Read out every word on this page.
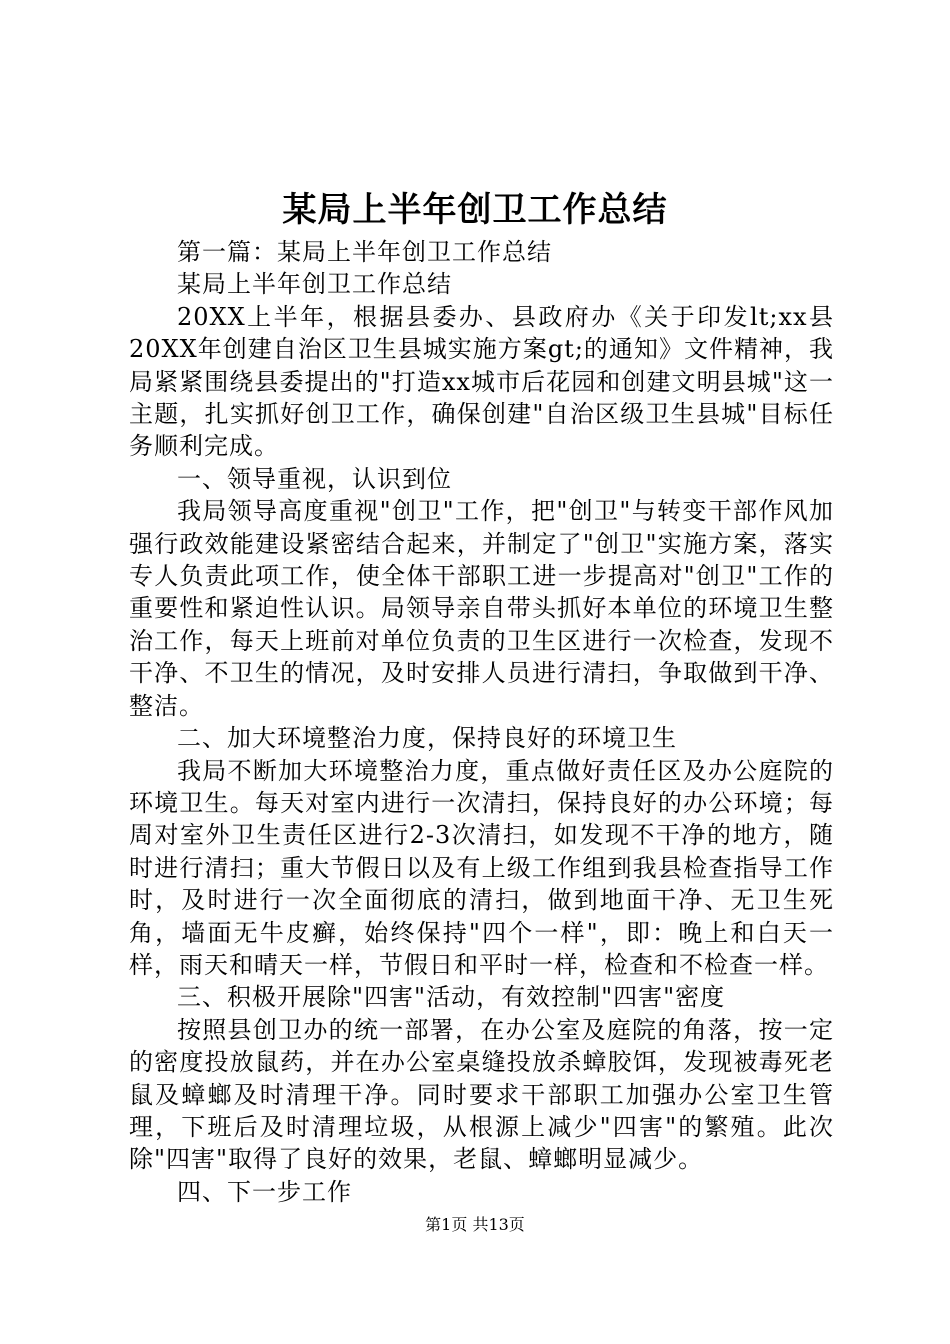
某局上半年创卫工作总结

第一篇：某局上半年创卫工作总结

某局上半年创卫工作总结

20XX上半年，根据县委办、县政府办《关于印发lt;xx县20XX年创建自治区卫生县城实施方案gt;的通知》文件精神，我局紧紧围绕县委提出的"打造xx城市后花园和创建文明县城"这一主题，扎实抓好创卫工作，确保创建"自治区级卫生县城"目标任务顺利完成。

一、领导重视，认识到位

我局领导高度重视"创卫"工作，把"创卫"与转变干部作风加强行政效能建设紧密结合起来，并制定了"创卫"实施方案，落实专人负责此项工作，使全体干部职工进一步提高对"创卫"工作的重要性和紧迫性认识。局领导亲自带头抓好本单位的环境卫生整治工作，每天上班前对单位负责的卫生区进行一次检查，发现不干净、不卫生的情况，及时安排人员进行清扫，争取做到干净、整洁。

二、加大环境整治力度，保持良好的环境卫生

我局不断加大环境整治力度，重点做好责任区及办公庭院的环境卫生。每天对室内进行一次清扫，保持良好的办公环境；每周对室外卫生责任区进行2-3次清扫，如发现不干净的地方，随时进行清扫；重大节假日以及有上级工作组到我县检查指导工作时，及时进行一次全面彻底的清扫，做到地面干净、无卫生死角，墙面无牛皮癣，始终保持"四个一样"，即：晚上和白天一样，雨天和晴天一样，节假日和平时一样，检查和不检查一样。

三、积极开展除"四害"活动，有效控制"四害"密度

按照县创卫办的统一部署，在办公室及庭院的角落，按一定的密度投放鼠药，并在办公室桌缝投放杀蟑胶饵，发现被毒死老鼠及蟑螂及时清理干净。同时要求干部职工加强办公室卫生管理，下班后及时清理垃圾，从根源上减少"四害"的繁殖。此次除"四害"取得了良好的效果，老鼠、蟑螂明显减少。

四、下一步工作

第1页 共13页
